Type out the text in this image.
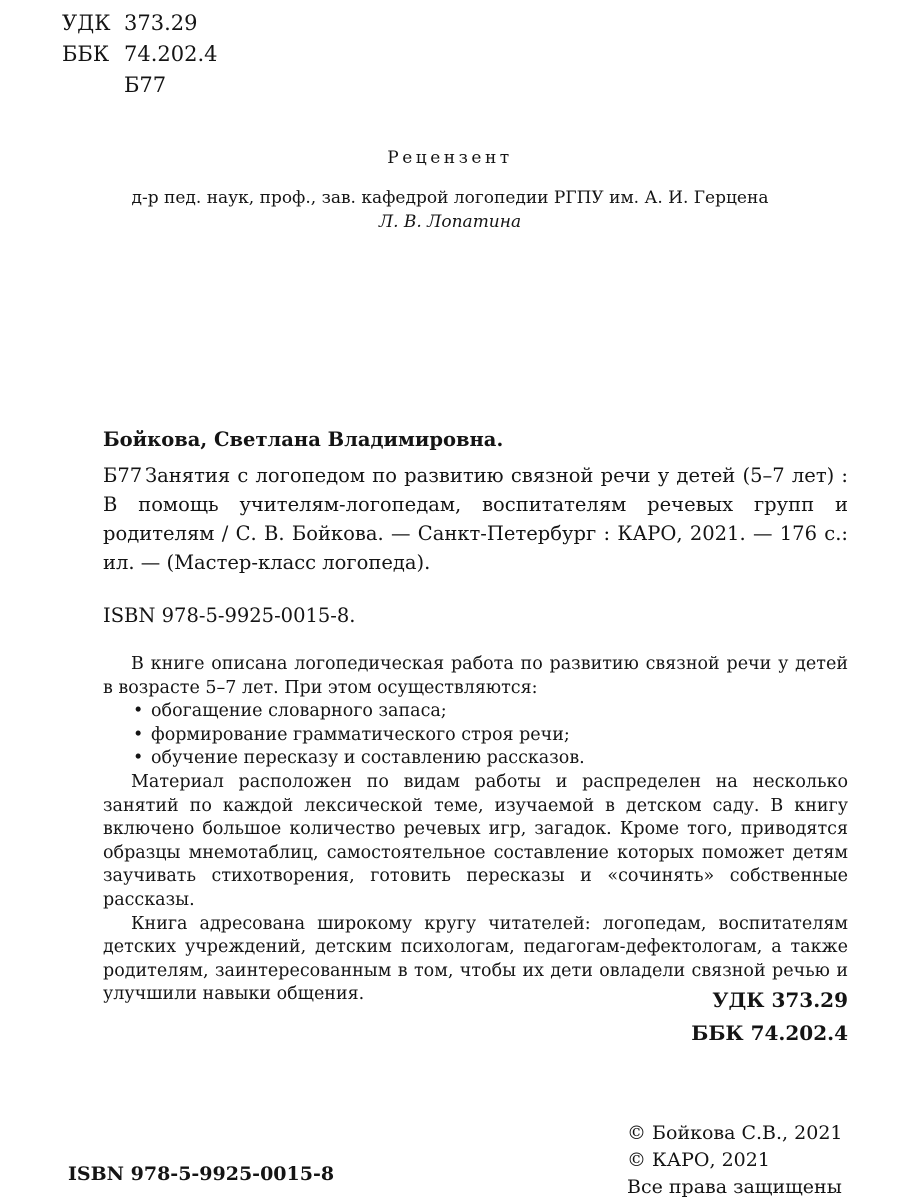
УДК 373.29
ББК 74.202.4
Б77
Рецензент
д-р пед. наук, проф., зав. кафедрой логопедии РГПУ им. А. И. Герцена
Л. В. Лопатина
Бойкова, Светлана Владимировна.
Б77 Занятия с логопедом по развитию связной речи у детей (5–7 лет) : В помощь учителям-логопедам, воспитателям речевых групп и родителям / С. В. Бойкова. — Санкт-Петербург : КАРО, 2021. — 176 с.: ил. — (Мастер-класс логопеда).
ISBN 978-5-9925-0015-8.

В книге описана логопедическая работа по развитию связной речи у детей в возрасте 5–7 лет. При этом осуществляются:

• обогащение словарного запаса;
• формирование грамматического строя речи;
• обучение пересказу и составлению рассказов.

Материал расположен по видам работы и распределен на несколько занятий по каждой лексической теме, изучаемой в детском саду. В книгу включено большое количество речевых игр, загадок. Кроме того, приводятся образцы мнемотаблиц, самостоятельное составление которых поможет детям заучивать стихотворения, готовить пересказы и «сочинять» собственные рассказы.

Книга адресована широкому кругу читателей: логопедам, воспитателям детских учреждений, детским психологам, педагогам-дефектологам, а также родителям, заинтересованным в том, чтобы их дети овладели связной речью и улучшили навыки общения.	УДК 373.29
ББК 74.202.4
© Бойкова С.В., 2021
© КАРО, 2021
Все права защищены
ISBN 978-5-9925-0015-8
